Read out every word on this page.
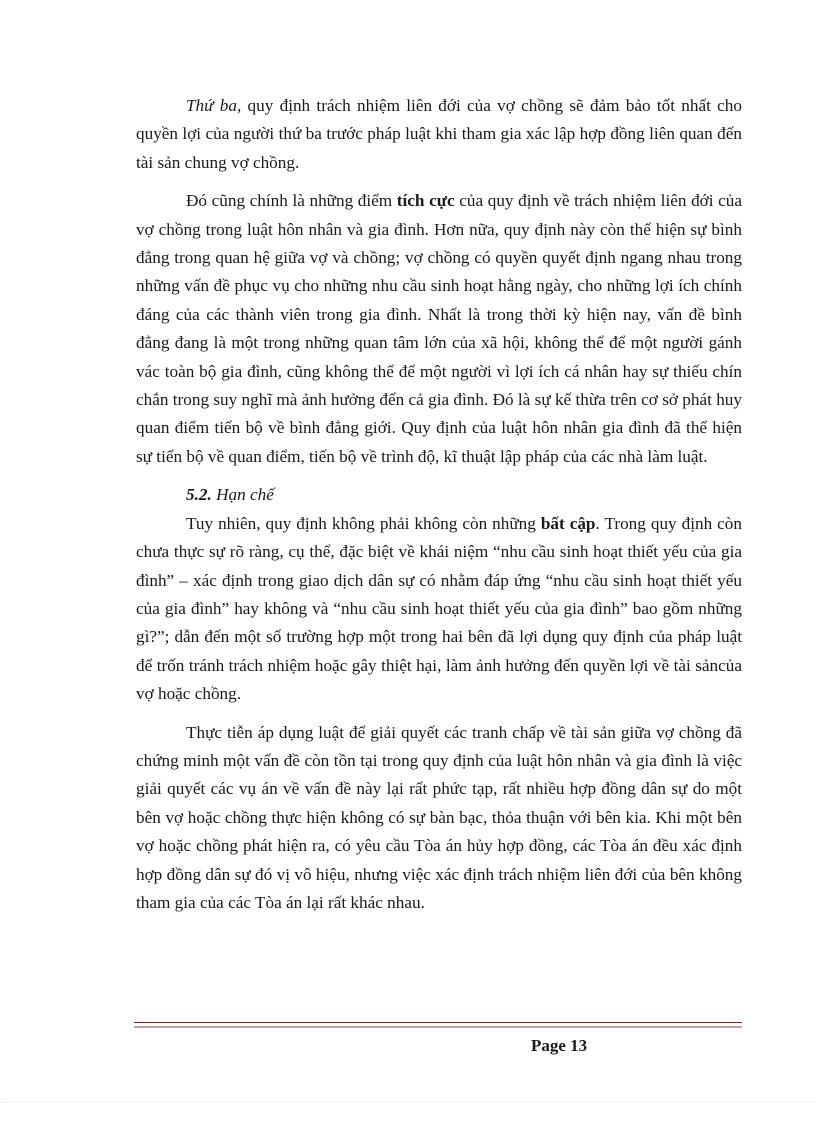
Thứ ba, quy định trách nhiệm liên đới của vợ chồng sẽ đảm bảo tốt nhất cho quyền lợi của người thứ ba trước pháp luật khi tham gia xác lập hợp đồng liên quan đến tài sản chung vợ chồng.

Đó cũng chính là những điểm tích cực của quy định về trách nhiệm liên đới của vợ chồng trong luật hôn nhân và gia đình. Hơn nữa, quy định này còn thể hiện sự bình đẳng trong quan hệ giữa vợ và chồng; vợ chồng có quyền quyết định ngang nhau trong những vấn đề phục vụ cho những nhu cầu sinh hoạt hằng ngày, cho những lợi ích chính đáng của các thành viên trong gia đình. Nhất là trong thời kỳ hiện nay, vấn đề bình đẳng đang là một trong những quan tâm lớn của xã hội, không thể để một người gánh vác toàn bộ gia đình, cũng không thể để một người vì lợi ích cá nhân hay sự thiếu chín chắn trong suy nghĩ mà ảnh hưởng đến cả gia đình. Đó là sự kế thừa trên cơ sở phát huy quan điểm tiến bộ về bình đẳng giới. Quy định của luật hôn nhân gia đình đã thể hiện sự tiến bộ về quan điểm, tiến bộ về trình độ, kĩ thuật lập pháp của các nhà làm luật.

5.2. Hạn chế

Tuy nhiên, quy định không phải không còn những bất cập. Trong quy định còn chưa thực sự rõ ràng, cụ thể, đặc biệt về khái niệm “nhu cầu sinh hoạt thiết yếu của gia đình” – xác định trong giao dịch dân sự có nhằm đáp ứng “nhu cầu sinh hoạt thiết yếu của gia đình” hay không và “nhu cầu sinh hoạt thiết yếu của gia đình” bao gồm những gì?”; dẫn đến một số trường hợp một trong hai bên đã lợi dụng quy định của pháp luật để trốn tránh trách nhiệm hoặc gây thiệt hại, làm ảnh hưởng đến quyền lợi về tài sảncủa vợ hoặc chồng.

Thực tiễn áp dụng luật để giải quyết các tranh chấp về tài sản giữa vợ chồng đã chứng minh một vấn đề còn tồn tại trong quy định của luật hôn nhân và gia đình là việc giải quyết các vụ án về vấn đề này lại rất phức tạp, rất nhiều hợp đồng dân sự do một bên vợ hoặc chồng thực hiện không có sự bàn bạc, thỏa thuận với bên kia. Khi một bên vợ hoặc chồng phát hiện ra, có yêu cầu Tòa án hủy hợp đồng, các Tòa án đều xác định hợp đồng dân sự đó vị vô hiệu, nhưng việc xác định trách nhiệm liên đới của bên không tham gia của các Tòa án lại rất khác nhau.

Page 13
